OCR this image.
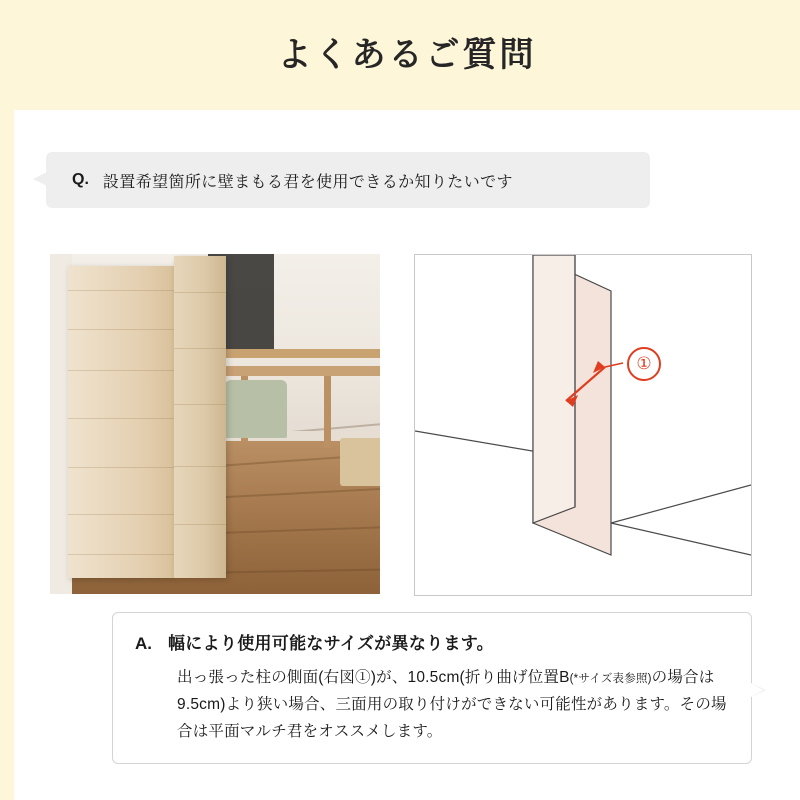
よくあるご質問
Q. 設置希望箇所に壁まもる君を使用できるか知りたいです
①
A. 幅により使用可能なサイズが異なります。
出っ張った柱の側面(右図①)が、10.5cm(折り曲げ位置B(*サイズ表参照)の場合は 9.5cm)より狭い場合、三面用の取り付けができない可能性があります。その場合は平面マルチ君をオススメします。
